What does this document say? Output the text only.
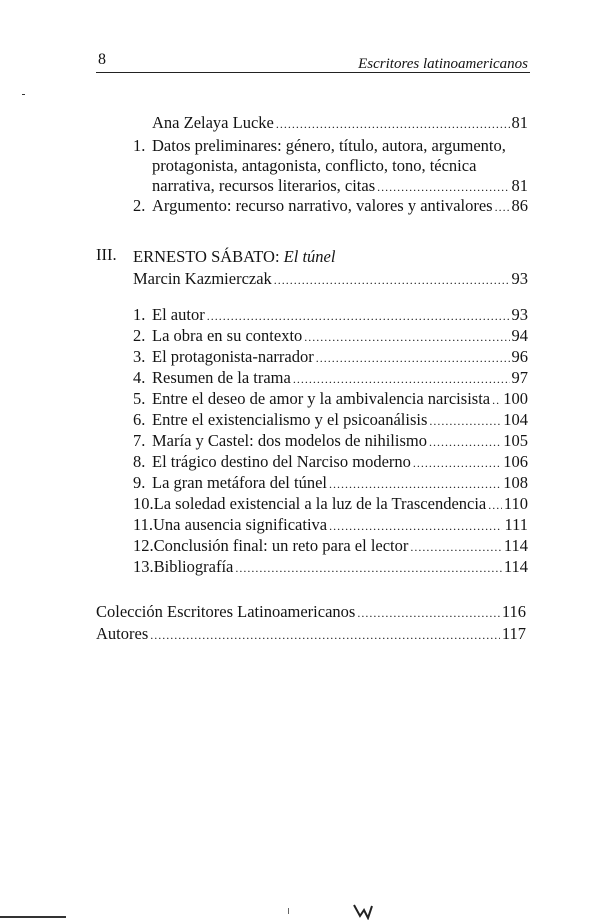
8	Escritores latinoamericanos
Ana Zelaya Lucke .....	81
1. Datos preliminares: género, título, autora, argumento,
protagonista, antagonista, conflicto, tono, técnica
narrativa, recursos literarios, citas .....	81
2. Argumento: recurso narrativo, valores y antivalores ..... 86
III. ERNESTO SÁBATO: El túnel
Marcin Kazmierczak .....	93
1. El autor .....	93
2. La obra en su contexto .....	94
3. El protagonista-narrador .....	96
4. Resumen de la trama .....	97
5. Entre el deseo de amor y la ambivalencia narcisista ..... 100
6. Entre el existencialismo y el psicoanálisis .....	104
7. María y Castel: dos modelos de nihilismo .....	105
8. El trágico destino del Narciso moderno .....	106
9. La gran metáfora del túnel .....	108
10. La soledad existencial a la luz de la Trascendencia ..... 110
11. Una ausencia significativa .....	111
12. Conclusión final: un reto para el lector .....	114
13. Bibliografía .....	114
Colección Escritores Latinoamericanos .....	116
Autores .....	117
